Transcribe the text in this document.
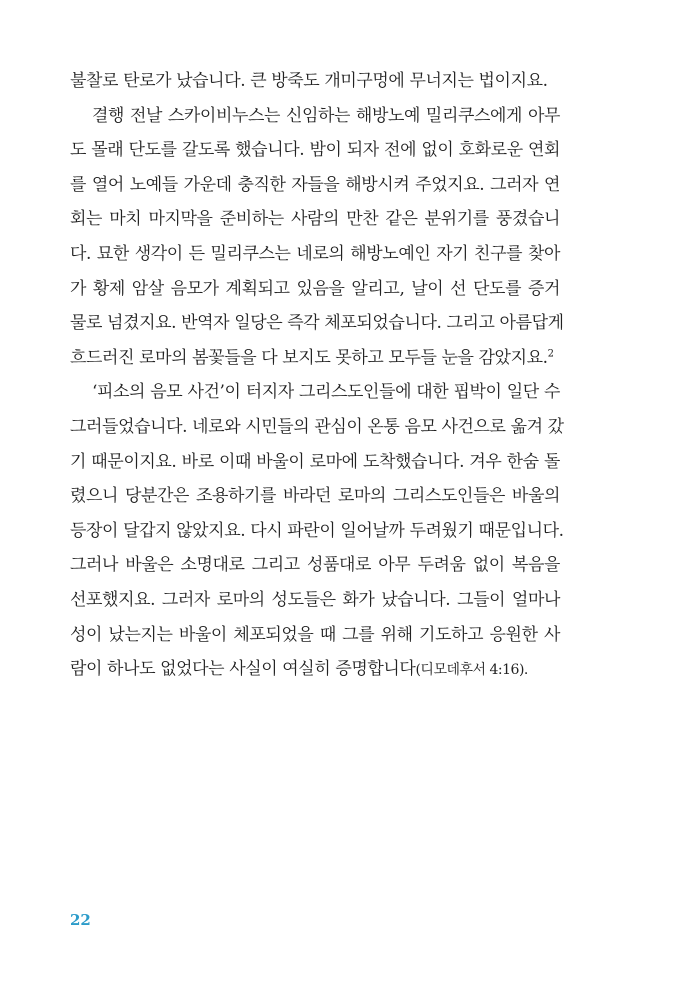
불찰로 탄로가 났습니다. 큰 방죽도 개미구멍에 무너지는 법이지요.
결행 전날 스카이비누스는 신임하는 해방노예 밀리쿠스에게 아무
도 몰래 단도를 갈도록 했습니다. 밤이 되자 전에 없이 호화로운 연회
를 열어 노예들 가운데 충직한 자들을 해방시켜 주었지요. 그러자 연
회는 마치 마지막을 준비하는 사람의 만찬 같은 분위기를 풍겼습니
다. 묘한 생각이 든 밀리쿠스는 네로의 해방노예인 자기 친구를 찾아
가 황제 암살 음모가 계획되고 있음을 알리고, 날이 선 단도를 증거
물로 넘겼지요. 반역자 일당은 즉각 체포되었습니다. 그리고 아름답게
흐드러진 로마의 봄꽃들을 다 보지도 못하고 모두들 눈을 감았지요.$^2$
‘피소의 음모 사건’이 터지자 그리스도인들에 대한 핍박이 일단 수
그러들었습니다. 네로와 시민들의 관심이 온통 음모 사건으로 옮겨 갔
기 때문이지요. 바로 이때 바울이 로마에 도착했습니다. 겨우 한숨 돌
렸으니 당분간은 조용하기를 바라던 로마의 그리스도인들은 바울의
등장이 달갑지 않았지요. 다시 파란이 일어날까 두려웠기 때문입니다.
그러나 바울은 소명대로 그리고 성품대로 아무 두려움 없이 복음을
선포했지요. 그러자 로마의 성도들은 화가 났습니다. 그들이 얼마나
성이 났는지는 바울이 체포되었을 때 그를 위해 기도하고 응원한 사
람이 하나도 없었다는 사실이 여실히 증명합니다(디모데후서 4:16).
22
